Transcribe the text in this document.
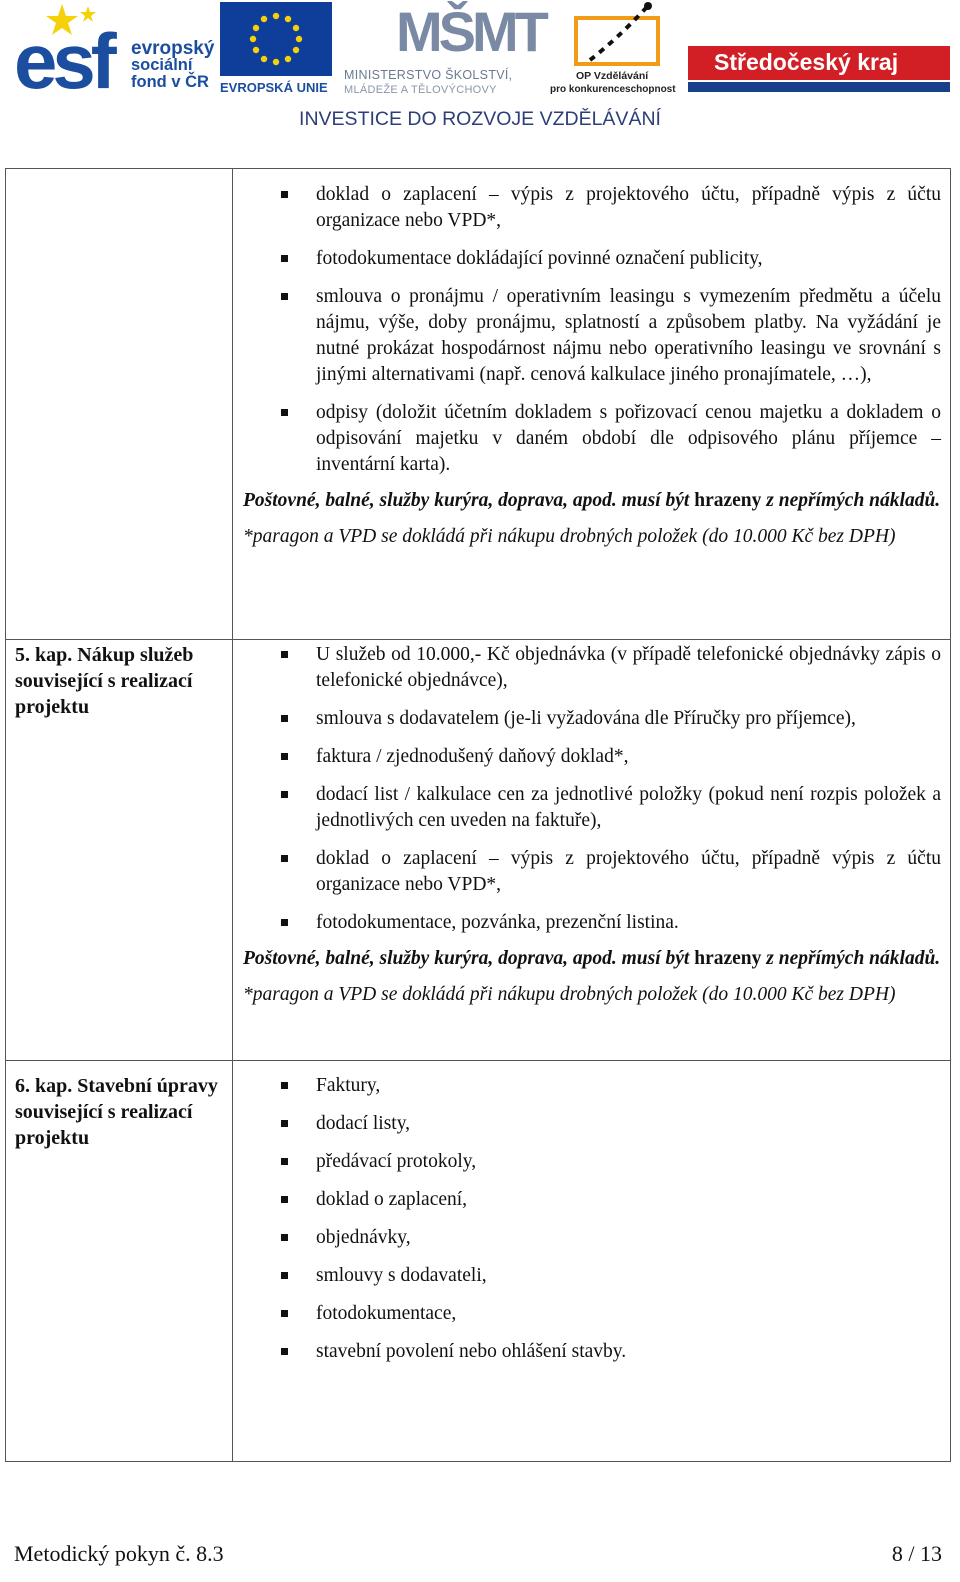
esf evropský
sociální
fond v ČR EVROPSKÁ UNIE
MŠMT
MINISTERSTVO ŠKOLSTVÍ,
MLÁDEŽE A TĚLOVÝCHOVY
OP Vzdělávání
pro konkurenceschopnost
Středočeský kraj
INVESTICE DO ROZVOJE VZDĚLÁVÁNÍ
doklad o zaplacení – výpis z projektového účtu, případně výpis z účtu organizace nebo VPD*,
fotodokumentace dokládající povinné označení publicity,
smlouva o pronájmu / operativním leasingu s vymezením předmětu a účelu nájmu, výše, doby pronájmu, splatností a způsobem platby. Na vyžádání je nutné prokázat hospodárnost nájmu nebo operativního leasingu ve srovnání s jinými alternativami (např. cenová kalkulace jiného pronajímatele, …),
odpisy (doložit účetním dokladem s pořizovací cenou majetku a dokladem o odpisování majetku v daném období dle odpisového plánu příjemce – inventární karta).
Poštovné, balné, služby kurýra, doprava, apod. musí být hrazeny z nepřímých nákladů.
*paragon a VPD se dokládá při nákupu drobných položek (do 10.000 Kč bez DPH)
5. kap. Nákup služeb související s realizací projektu
U služeb od 10.000,- Kč objednávka (v případě telefonické objednávky zápis o telefonické objednávce),
smlouva s dodavatelem (je-li vyžadována dle Příručky pro příjemce),
faktura / zjednodušený daňový doklad*,
dodací list / kalkulace cen za jednotlivé položky (pokud není rozpis položek a jednotlivých cen uveden na faktuře),
doklad o zaplacení – výpis z projektového účtu, případně výpis z účtu organizace nebo VPD*,
fotodokumentace, pozvánka, prezenční listina.
Poštovné, balné, služby kurýra, doprava, apod. musí být hrazeny z nepřímých nákladů.
*paragon a VPD se dokládá při nákupu drobných položek (do 10.000 Kč bez DPH)
6. kap. Stavební úpravy související s realizací projektu
Faktury,
dodací listy,
předávací protokoly,
doklad o zaplacení,
objednávky,
smlouvy s dodavateli,
fotodokumentace,
stavební povolení nebo ohlášení stavby.
Metodický pokyn č. 8.3	8 / 13
